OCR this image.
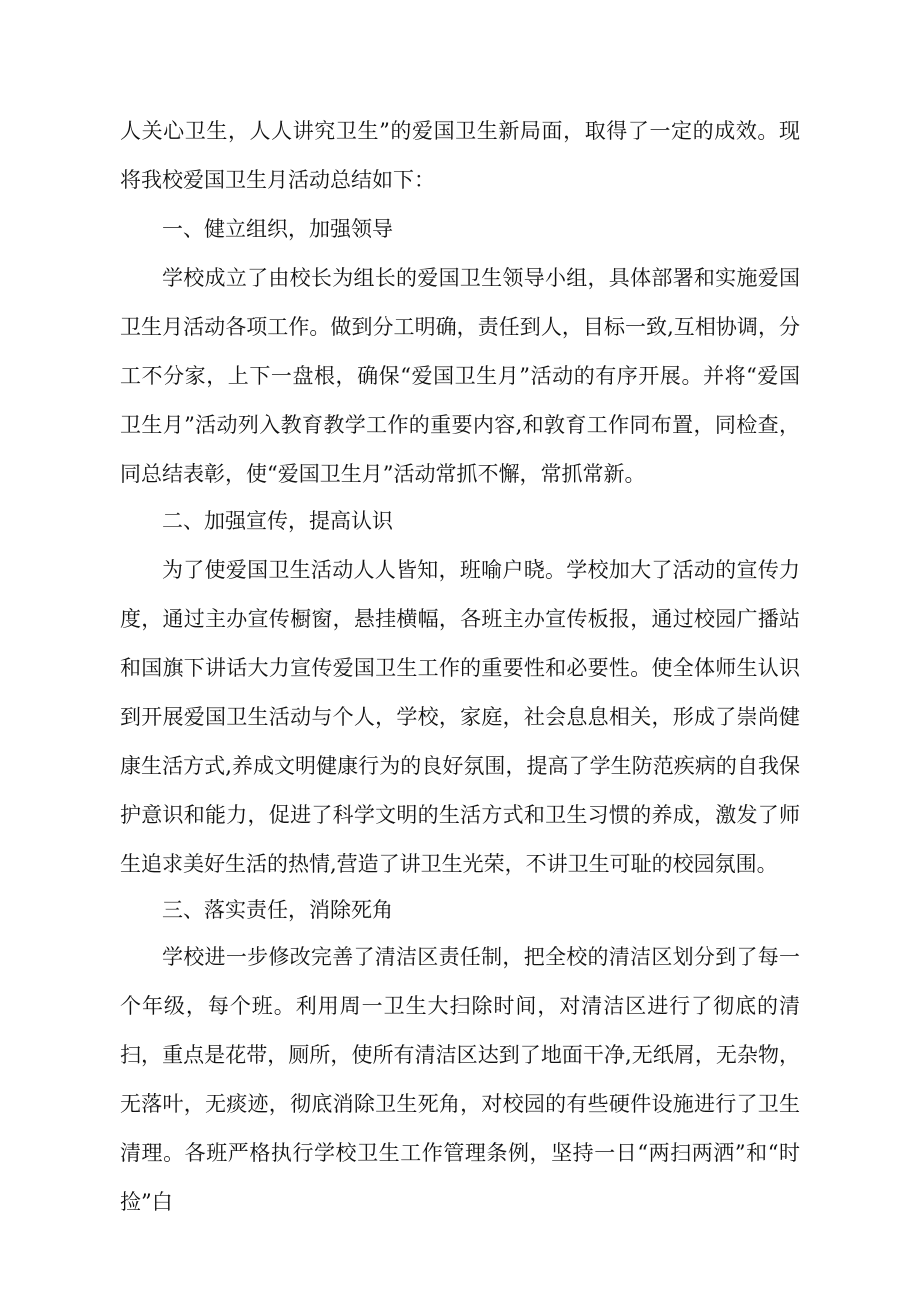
人关心卫生，人人讲究卫生”的爱国卫生新局面，取得了一定的成效。现将我校爱国卫生月活动总结如下：

一、健立组织，加强领导

学校成立了由校长为组长的爱国卫生领导小组，具体部署和实施爱国卫生月活动各项工作。做到分工明确，责任到人，目标一致,互相协调，分工不分家，上下一盘根，确保“爱国卫生月”活动的有序开展。并将“爱国卫生月”活动列入教育教学工作的重要内容,和敦育工作同布置，同检查，同总结表彰，使“爱国卫生月”活动常抓不懈，常抓常新。

二、加强宣传，提高认识

为了使爱国卫生活动人人皆知，班喻户晓。学校加大了活动的宣传力度，通过主办宣传橱窗，悬挂横幅，各班主办宣传板报，通过校园广播站和国旗下讲话大力宣传爱国卫生工作的重要性和必要性。使全体师生认识到开展爱国卫生活动与个人，学校，家庭，社会息息相关，形成了崇尚健康生活方式,养成文明健康行为的良好氛围，提高了学生防范疾病的自我保护意识和能力，促进了科学文明的生活方式和卫生习惯的养成，激发了师生追求美好生活的热情,营造了讲卫生光荣，不讲卫生可耻的校园氛围。

三、落实责任，消除死角

学校进一步修改完善了清洁区责任制，把全校的清洁区划分到了每一个年级，每个班。利用周一卫生大扫除时间，对清洁区进行了彻底的清扫，重点是花带，厕所，使所有清洁区达到了地面干净,无纸屑，无杂物，无落叶，无痰迹，彻底消除卫生死角，对校园的有些硬件设施进行了卫生清理。各班严格执行学校卫生工作管理条例，坚持一日“两扫两洒”和“时捡”白
